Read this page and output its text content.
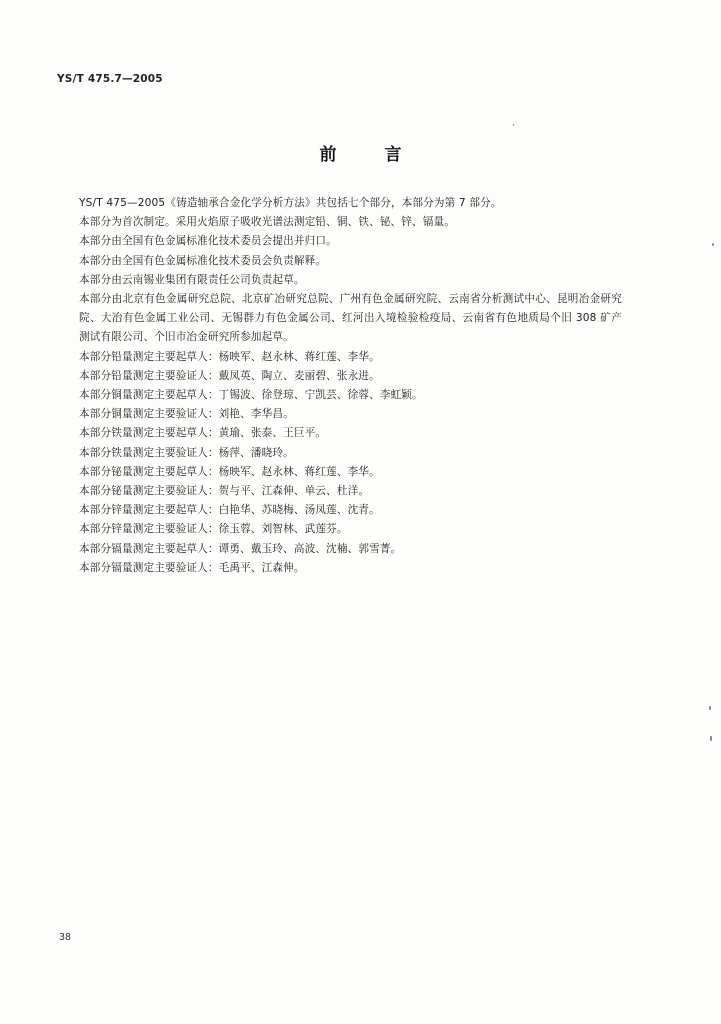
YS/T 475.7—2005
前	言

YS/T 475—2005《铸造轴承合金化学分析方法》共包括七个部分，本部分为第 7 部分。

本部分为首次制定。采用火焰原子吸收光谱法测定铅、铜、铁、铋、锌、镉量。

本部分由全国有色金属标准化技术委员会提出并归口。

本部分由全国有色金属标准化技术委员会负责解释。

本部分由云南锡业集团有限责任公司负责起草。

本部分由北京有色金属研究总院、北京矿冶研究总院、广州有色金属研究院、云南省分析测试中心、昆明冶金研究院、大冶有色金属工业公司、无锡群力有色金属公司、红河出入境检验检疫局、云南省有色地质局个旧 308 矿产测试有限公司、个旧市冶金研究所参加起草。

本部分铅量测定主要起草人：杨映军、赵永林、蒋红莲、李华。

本部分铅量测定主要验证人：戴凤英、陶立、麦丽碧、张永进。

本部分铜量测定主要起草人：丁锡波、徐登琼、宁凯芸、徐蓉、李虹颖。

本部分铜量测定主要验证人：刘艳、李华昌。

本部分铁量测定主要起草人：黄瑜、张泰、王巨平。

本部分铁量测定主要验证人：杨萍、潘晓玲。

本部分铋量测定主要起草人：杨映军、赵永林、蒋红莲、李华。

本部分铋量测定主要验证人：贺与平、江森伸、单云、杜洋。

本部分锌量测定主要起草人：白艳华、苏晓梅、汤凤莲、沈青。

本部分锌量测定主要验证人：徐玉蓉、刘智林、武莲芬。

本部分镉量测定主要起草人：谭勇、戴玉玲、高波、沈楠、郭雪菁。

本部分镉量测定主要验证人：毛禹平、江森伸。

38
